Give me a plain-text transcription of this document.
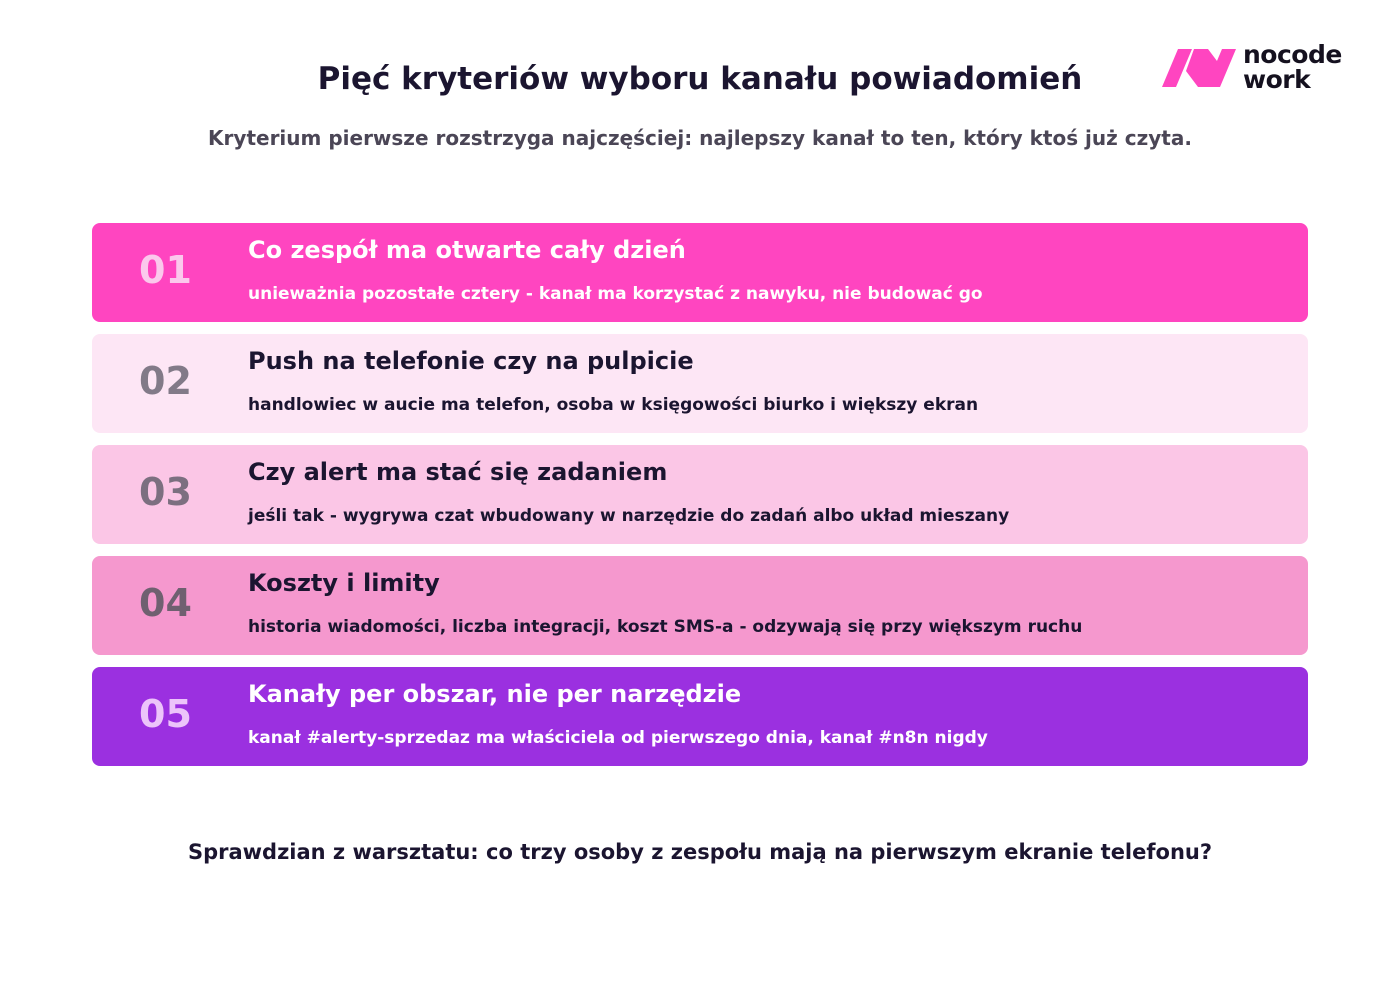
nocode
work
Pięć kryteriów wyboru kanału powiadomień
Kryterium pierwsze rozstrzyga najczęściej: najlepszy kanał to ten, który ktoś już czyta.
01 Co zespół ma otwarte cały dzień
unieważnia pozostałe cztery - kanał ma korzystać z nawyku, nie budować go
02 Push na telefonie czy na pulpicie
handlowiec w aucie ma telefon, osoba w księgowości biurko i większy ekran
03 Czy alert ma stać się zadaniem
jeśli tak - wygrywa czat wbudowany w narzędzie do zadań albo układ mieszany
04 Koszty i limity
historia wiadomości, liczba integracji, koszt SMS-a - odzywają się przy większym ruchu
05 Kanały per obszar, nie per narzędzie
kanał #alerty-sprzedaz ma właściciela od pierwszego dnia, kanał #n8n nigdy
Sprawdzian z warsztatu: co trzy osoby z zespołu mają na pierwszym ekranie telefonu?
